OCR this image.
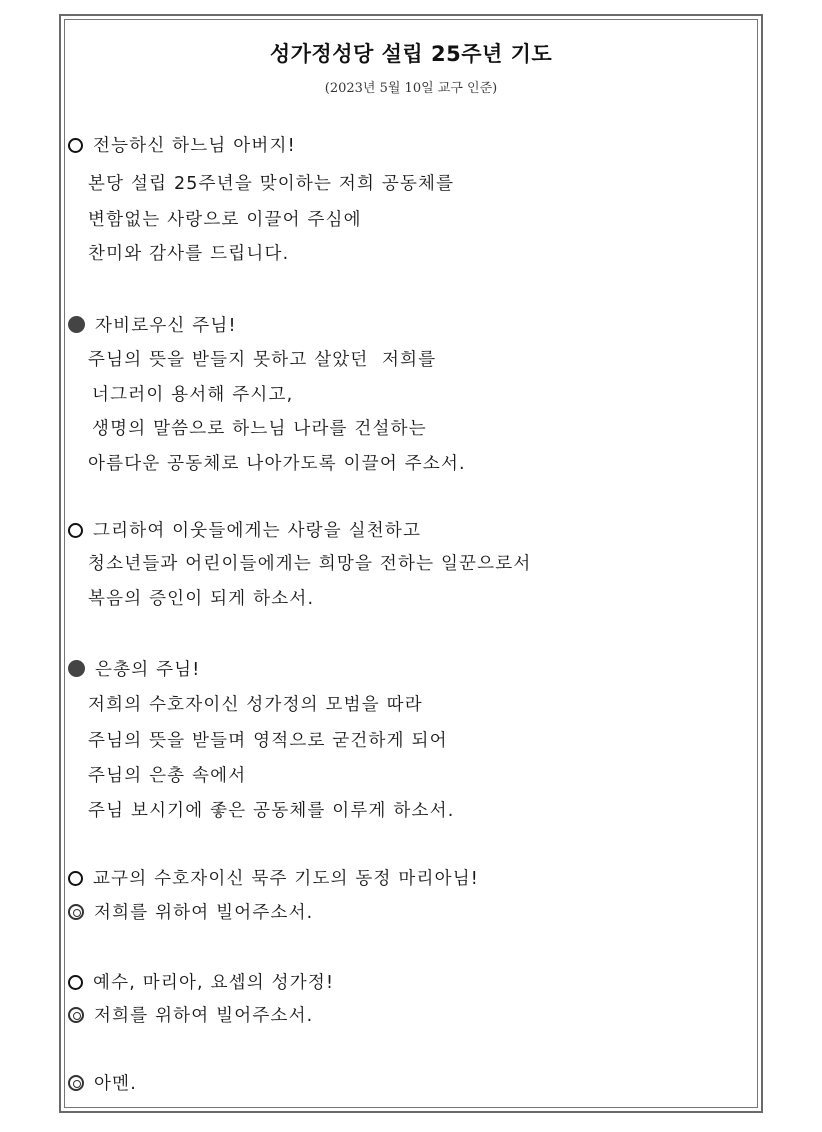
성가정성당 설립 25주년 기도
(2023년 5월 10일 교구 인준)
전능하신 하느님 아버지!
본당 설립 25주년을 맞이하는 저희 공동체를
변함없는 사랑으로 이끌어 주심에
찬미와 감사를 드립니다.
자비로우신 주님!
주님의 뜻을 받들지 못하고 살았던  저희를
너그러이 용서해 주시고,
생명의 말씀으로 하느님 나라를 건설하는
아름다운 공동체로 나아가도록 이끌어 주소서.
그리하여 이웃들에게는 사랑을 실천하고
청소년들과 어린이들에게는 희망을 전하는 일꾼으로서
복음의 증인이 되게 하소서.
은총의 주님!
저희의 수호자이신 성가정의 모범을 따라
주님의 뜻을 받들며 영적으로 굳건하게 되어
주님의 은총 속에서
주님 보시기에 좋은 공동체를 이루게 하소서.
교구의 수호자이신 묵주 기도의 동정 마리아님!
저희를 위하여 빌어주소서.
예수, 마리아, 요셉의 성가정!
저희를 위하여 빌어주소서.
아멘.
